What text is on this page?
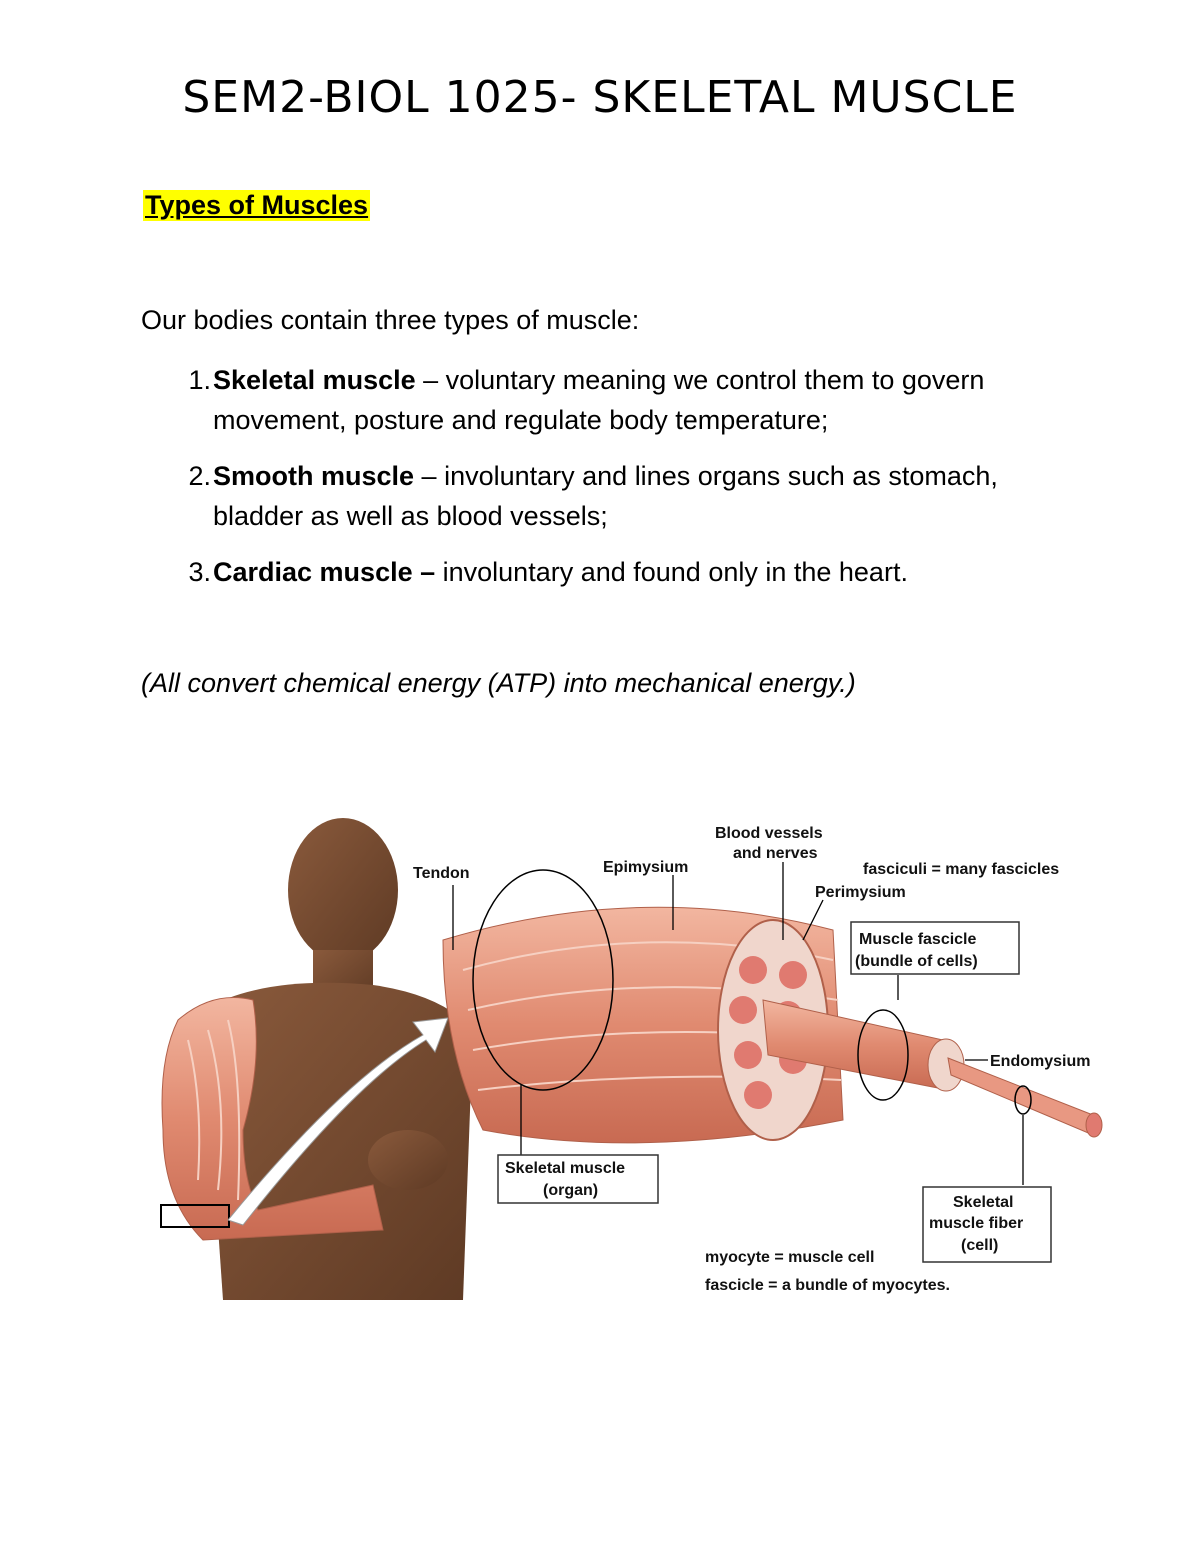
SEM2-BIOL 1025- SKELETAL MUSCLE
Types of Muscles
Our bodies contain three types of muscle:
1. Skeletal muscle – voluntary meaning we control them to govern movement, posture and regulate body temperature;
2. Smooth muscle – involuntary and lines organs such as stomach, bladder as well as blood vessels;
3. Cardiac muscle – involuntary and found only in the heart.
(All convert chemical energy (ATP) into mechanical energy.)
Tendon	Epimysium
Blood vessels
and nerves
fasciculi = many fascicles
Perimysium
Muscle fascicle
(bundle of cells)
Endomysium
Skeletal muscle
(organ)
Skeletal
muscle fiber
(cell)
myocyte = muscle cell
fascicle = a bundle of myocytes.
